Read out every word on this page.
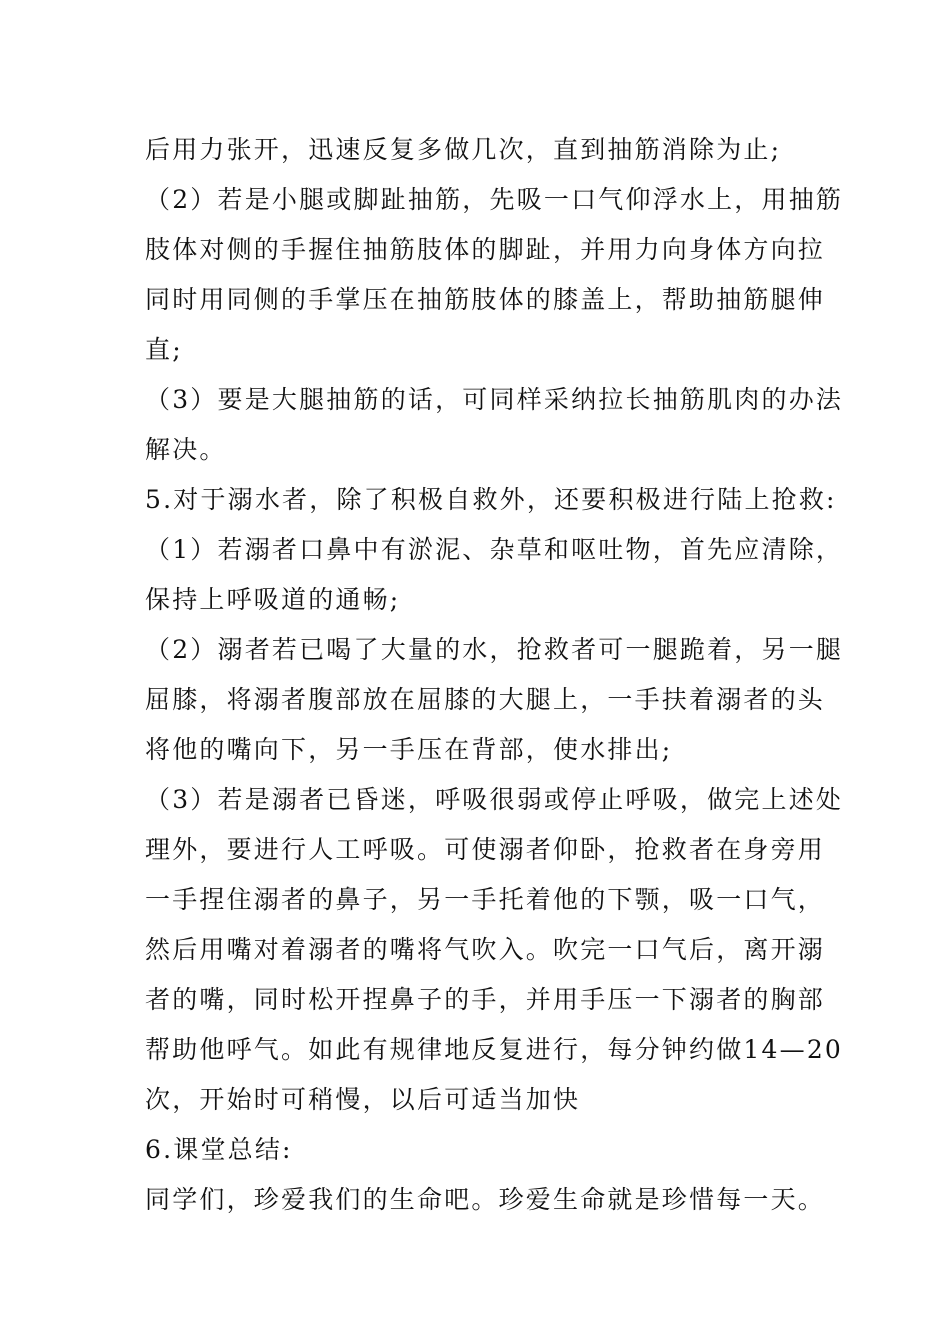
后用力张开，迅速反复多做几次，直到抽筋消除为止;
（2）若是小腿或脚趾抽筋，先吸一口气仰浮水上，用抽筋
肢体对侧的手握住抽筋肢体的脚趾，并用力向身体方向拉
同时用同侧的手掌压在抽筋肢体的膝盖上，帮助抽筋腿伸
直;
（3）要是大腿抽筋的话，可同样采纳拉长抽筋肌肉的办法
解决。
5.对于溺水者，除了积极自救外，还要积极进行陆上抢救:
（1）若溺者口鼻中有淤泥、杂草和呕吐物，首先应清除，
保持上呼吸道的通畅;
（2）溺者若已喝了大量的水，抢救者可一腿跪着，另一腿
屈膝，将溺者腹部放在屈膝的大腿上，一手扶着溺者的头
将他的嘴向下，另一手压在背部，使水排出;
（3）若是溺者已昏迷，呼吸很弱或停止呼吸，做完上述处
理外，要进行人工呼吸。可使溺者仰卧，抢救者在身旁用
一手捏住溺者的鼻子，另一手托着他的下颚，吸一口气，
然后用嘴对着溺者的嘴将气吹入。吹完一口气后，离开溺
者的嘴，同时松开捏鼻子的手，并用手压一下溺者的胸部
帮助他呼气。如此有规律地反复进行，每分钟约做14—20
次，开始时可稍慢，以后可适当加快
6.课堂总结:
同学们，珍爱我们的生命吧。珍爱生命就是珍惜每一天。
